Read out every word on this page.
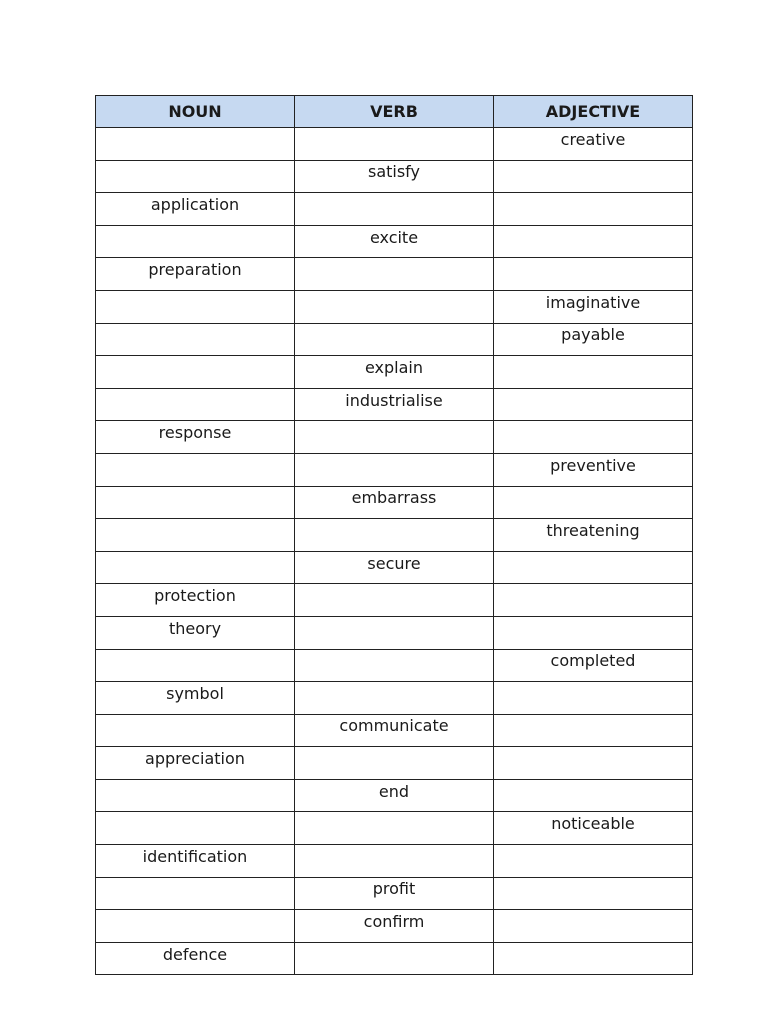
NOUN	VERB	ADJECTIVE
		creative
	satisfy	
application		
	excite	
preparation		
		imaginative
		payable
	explain	
	industrialise	
response		
		preventive
	embarrass	
		threatening
	secure	
protection		
theory		
		completed
symbol		
	communicate	
appreciation		
	end	
		noticeable
identification		
	profit	
	confirm	
defence		
